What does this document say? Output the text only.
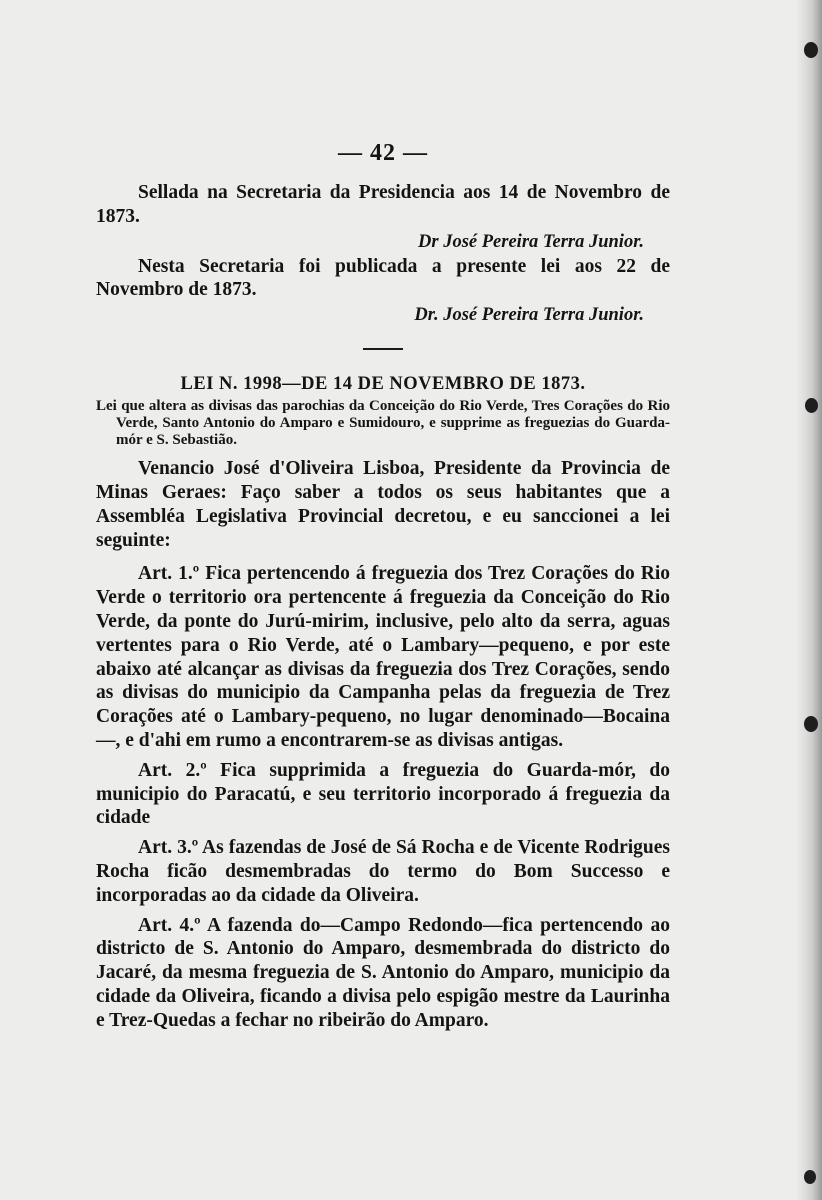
— 42 —

Sellada na Secretaria da Presidencia aos 14 de Novembro de 1873.

Dr José Pereira Terra Junior.

Nesta Secretaria foi publicada a presente lei aos 22 de Novembro de 1873.

Dr. José Pereira Terra Junior.

LEI N. 1998—DE 14 DE NOVEMBRO DE 1873.

Lei que altera as divisas das parochias da Conceição do Rio Verde, Tres Corações do Rio Verde, Santo Antonio do Amparo e Sumidouro, e supprime as freguezias do Guarda-mór e S. Sebastião.

Venancio José d'Oliveira Lisboa, Presidente da Provincia de Minas Geraes: Faço saber a todos os seus habitantes que a Assembléa Legislativa Provincial decretou, e eu sanccionei a lei seguinte:

Art. 1.º Fica pertencendo á freguezia dos Trez Corações do Rio Verde o territorio ora pertencente á freguezia da Conceição do Rio Verde, da ponte do Jurú-mirim, inclusive, pelo alto da serra, aguas vertentes para o Rio Verde, até o Lambary—pequeno, e por este abaixo até alcançar as divisas da freguezia dos Trez Corações, sendo as divisas do municipio da Campanha pelas da freguezia de Trez Corações até o Lambary-pequeno, no lugar denominado—Bocaina—, e d'ahi em rumo a encontrarem-se as divisas antigas.

Art. 2.º Fica supprimida a freguezia do Guarda-mór, do municipio do Paracatú, e seu territorio incorporado á freguezia da cidade

Art. 3.º As fazendas de José de Sá Rocha e de Vicente Rodrigues Rocha ficão desmembradas do termo do Bom Successo e incorporadas ao da cidade da Oliveira.

Art. 4.º A fazenda do—Campo Redondo—fica pertencendo ao districto de S. Antonio do Amparo, desmembrada do districto do Jacaré, da mesma freguezia de S. Antonio do Amparo, municipio da cidade da Oliveira, ficando a divisa pelo espigão mestre da Laurinha e Trez-Quedas a fechar no ribeirão do Amparo.
